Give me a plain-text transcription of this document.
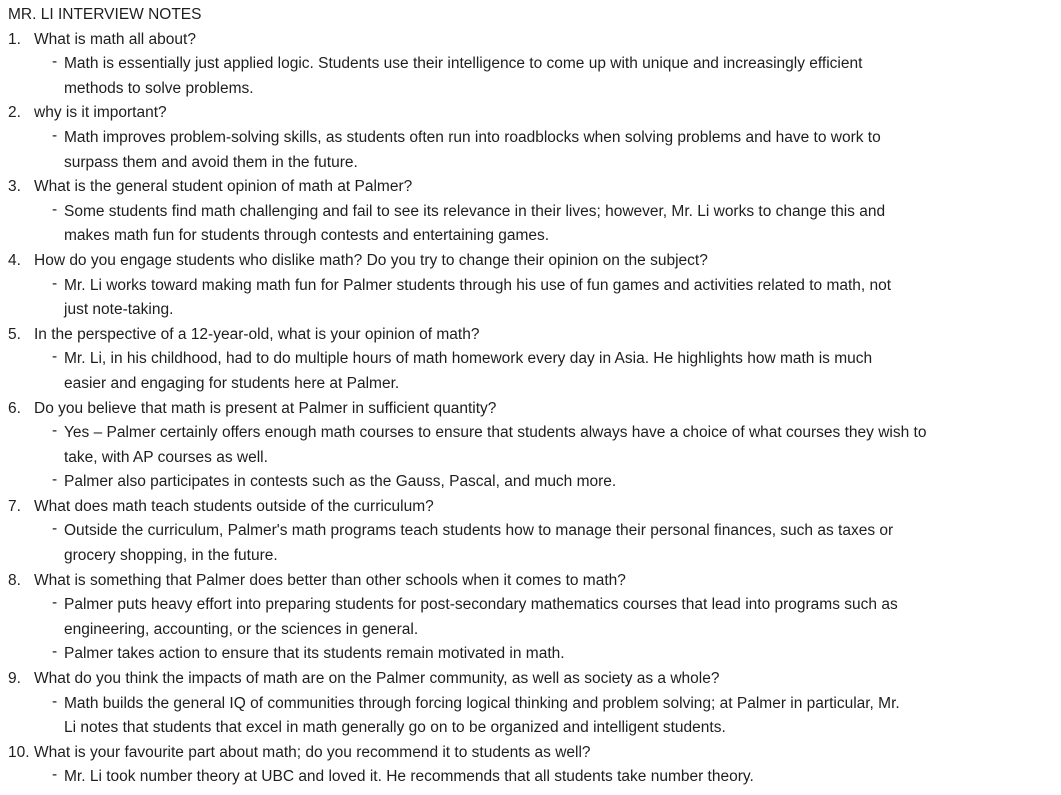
MR. LI INTERVIEW NOTES
1. What is math all about?
- Math is essentially just applied logic. Students use their intelligence to come up with unique and increasingly efficient
methods to solve problems.
2. why is it important?
- Math improves problem-solving skills, as students often run into roadblocks when solving problems and have to work to
surpass them and avoid them in the future.
3. What is the general student opinion of math at Palmer?
- Some students find math challenging and fail to see its relevance in their lives; however, Mr. Li works to change this and
makes math fun for students through contests and entertaining games.
4. How do you engage students who dislike math? Do you try to change their opinion on the subject?
- Mr. Li works toward making math fun for Palmer students through his use of fun games and activities related to math, not
just note-taking.
5. In the perspective of a 12-year-old, what is your opinion of math?
- Mr. Li, in his childhood, had to do multiple hours of math homework every day in Asia. He highlights how math is much
easier and engaging for students here at Palmer.
6. Do you believe that math is present at Palmer in sufficient quantity?
- Yes – Palmer certainly offers enough math courses to ensure that students always have a choice of what courses they wish to
take, with AP courses as well.
- Palmer also participates in contests such as the Gauss, Pascal, and much more.
7. What does math teach students outside of the curriculum?
- Outside the curriculum, Palmer's math programs teach students how to manage their personal finances, such as taxes or
grocery shopping, in the future.
8. What is something that Palmer does better than other schools when it comes to math?
- Palmer puts heavy effort into preparing students for post-secondary mathematics courses that lead into programs such as
engineering, accounting, or the sciences in general.
- Palmer takes action to ensure that its students remain motivated in math.
9. What do you think the impacts of math are on the Palmer community, as well as society as a whole?
- Math builds the general IQ of communities through forcing logical thinking and problem solving; at Palmer in particular, Mr.
Li notes that students that excel in math generally go on to be organized and intelligent students.
10. What is your favourite part about math; do you recommend it to students as well?
- Mr. Li took number theory at UBC and loved it. He recommends that all students take number theory.
